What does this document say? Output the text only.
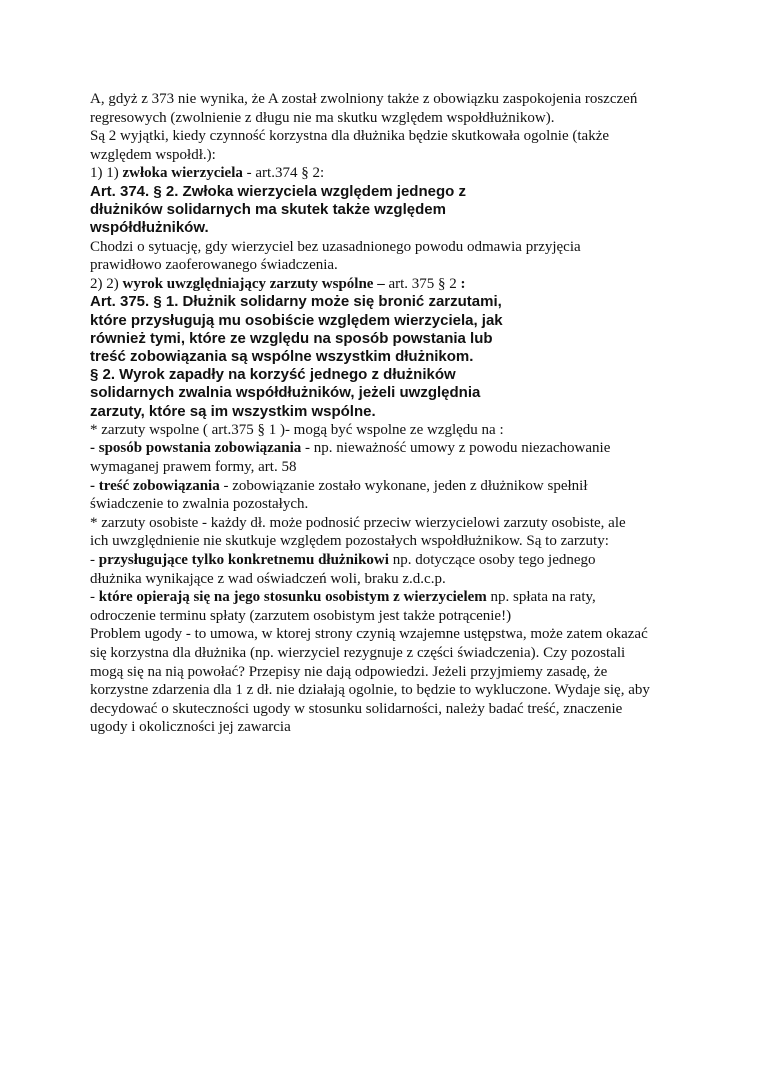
A, gdyż z 373 nie wynika, że A został zwolniony także z obowiązku zaspokojenia roszczeń
regresowych (zwolnienie z długu nie ma skutku względem wspołdłużnikow).
Są 2 wyjątki, kiedy czynność korzystna dla dłużnika będzie skutkowała ogolnie (także
względem wspołdł.):
1) 1) zwłoka wierzyciela ‑ art.374 § 2:
Art. 374. § 2. Zwłoka wierzyciela względem jednego z
dłużników solidarnych ma skutek także względem
współdłużników.
Chodzi o sytuację, gdy wierzyciel bez uzasadnionego powodu odmawia przyjęcia
prawidłowo zaoferowanego świadczenia.
2) 2) wyrok uwzględniający zarzuty wspólne – art. 375 § 2 :
Art. 375. § 1. Dłużnik solidarny może się bronić zarzutami,
które przysługują mu osobiście względem wierzyciela, jak
również tymi, które ze względu na sposób powstania lub
treść zobowiązania są wspólne wszystkim dłużnikom.
§ 2. Wyrok zapadły na korzyść jednego z dłużników
solidarnych zwalnia współdłużników, jeżeli uwzględnia
zarzuty, które są im wszystkim wspólne.
* zarzuty wspolne ( art.375 § 1 )- mogą być wspolne ze względu na :
- sposób powstania zobowiązania ‑ np. nieważność umowy z powodu niezachowanie
wymaganej prawem formy, art. 58
- treść zobowiązania ‑ zobowiązanie zostało wykonane, jeden z dłużnikow spełnił
świadczenie to zwalnia pozostałych.
* zarzuty osobiste ‑ każdy dł. może podnosić przeciw wierzycielowi zarzuty osobiste, ale
ich uwzględnienie nie skutkuje względem pozostałych wspołdłużnikow. Są to zarzuty:
- przysługujące tylko konkretnemu dłużnikowi np. dotyczące osoby tego jednego
dłużnika wynikające z wad oświadczeń woli, braku z.d.c.p.
- które opierają się na jego stosunku osobistym z wierzycielem np. spłata na raty,
odroczenie terminu spłaty (zarzutem osobistym jest także potrącenie!)
Problem ugody ‑ to umowa, w ktorej strony czynią wzajemne ustępstwa, może zatem okazać
się korzystna dla dłużnika (np. wierzyciel rezygnuje z części świadczenia). Czy pozostali
mogą się na nią powołać? Przepisy nie dają odpowiedzi. Jeżeli przyjmiemy zasadę, że
korzystne zdarzenia dla 1 z dł. nie działają ogolnie, to będzie to wykluczone. Wydaje się, aby
decydować o skuteczności ugody w stosunku solidarności, należy badać treść, znaczenie
ugody i okoliczności jej zawarcia
